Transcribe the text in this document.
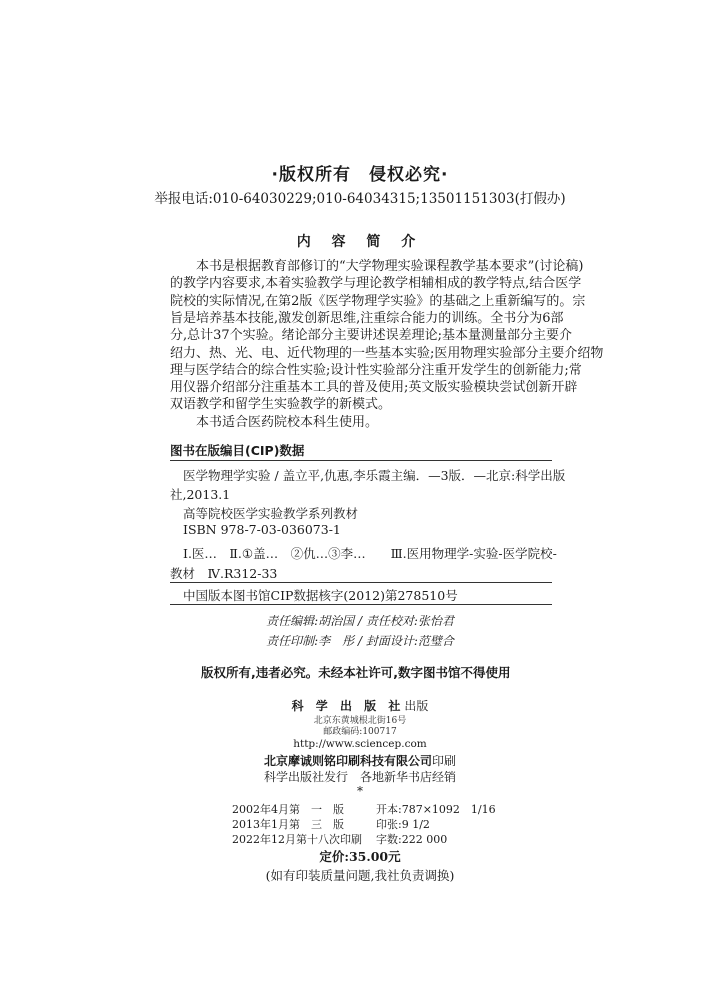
·版权所有　侵权必究·
举报电话:010-64030229;010-64034315;13501151303(打假办)
内 容 简 介
　　本书是根据教育部修订的“大学物理实验课程教学基本要求”(讨论稿)
的教学内容要求,本着实验教学与理论教学相辅相成的教学特点,结合医学
院校的实际情况,在第2版《医学物理学实验》的基础之上重新编写的。宗
旨是培养基本技能,激发创新思维,注重综合能力的训练。全书分为6部
分,总计37个实验。绪论部分主要讲述误差理论;基本量测量部分主要介
绍力、热、光、电、近代物理的一些基本实验;医用物理实验部分主要介绍物
理与医学结合的综合性实验;设计性实验部分注重开发学生的创新能力;常
用仪器介绍部分注重基本工具的普及使用;英文版实验模块尝试创新开辟
双语教学和留学生实验教学的新模式。
　　本书适合医药院校本科生使用。
图书在版编目(CIP)数据
医学物理学实验 / 盖立平,仇惠,李乐霞主编．—3版．—北京:科学出版
社,2013.1
高等院校医学实验教学系列教材
ISBN 978-7-03-036073-1
Ⅰ.医…　Ⅱ.①盖…　②仇…③李…　　Ⅲ.医用物理学-实验-医学院校-
教材　Ⅳ.R312-33
中国版本图书馆CIP数据核字(2012)第278510号
责任编辑:胡治国 / 责任校对:张怡君
责任印制:李　彤 / 封面设计:范璧合
版权所有,违者必究。未经本社许可,数字图书馆不得使用
科 学 出 版 社出版
北京东黄城根北街16号
邮政编码:100717
http://www.sciencep.com
北京摩诚则铭印刷科技有限公司印刷
科学出版社发行　各地新华书店经销
*
2002年4月第　一　版	开本:787×1092　1/16
2013年1月第　三　版	印张:9 1/2
2022年12月第十八次印刷 字数:222 000
定价:35.00元
(如有印装质量问题,我社负责调换)
